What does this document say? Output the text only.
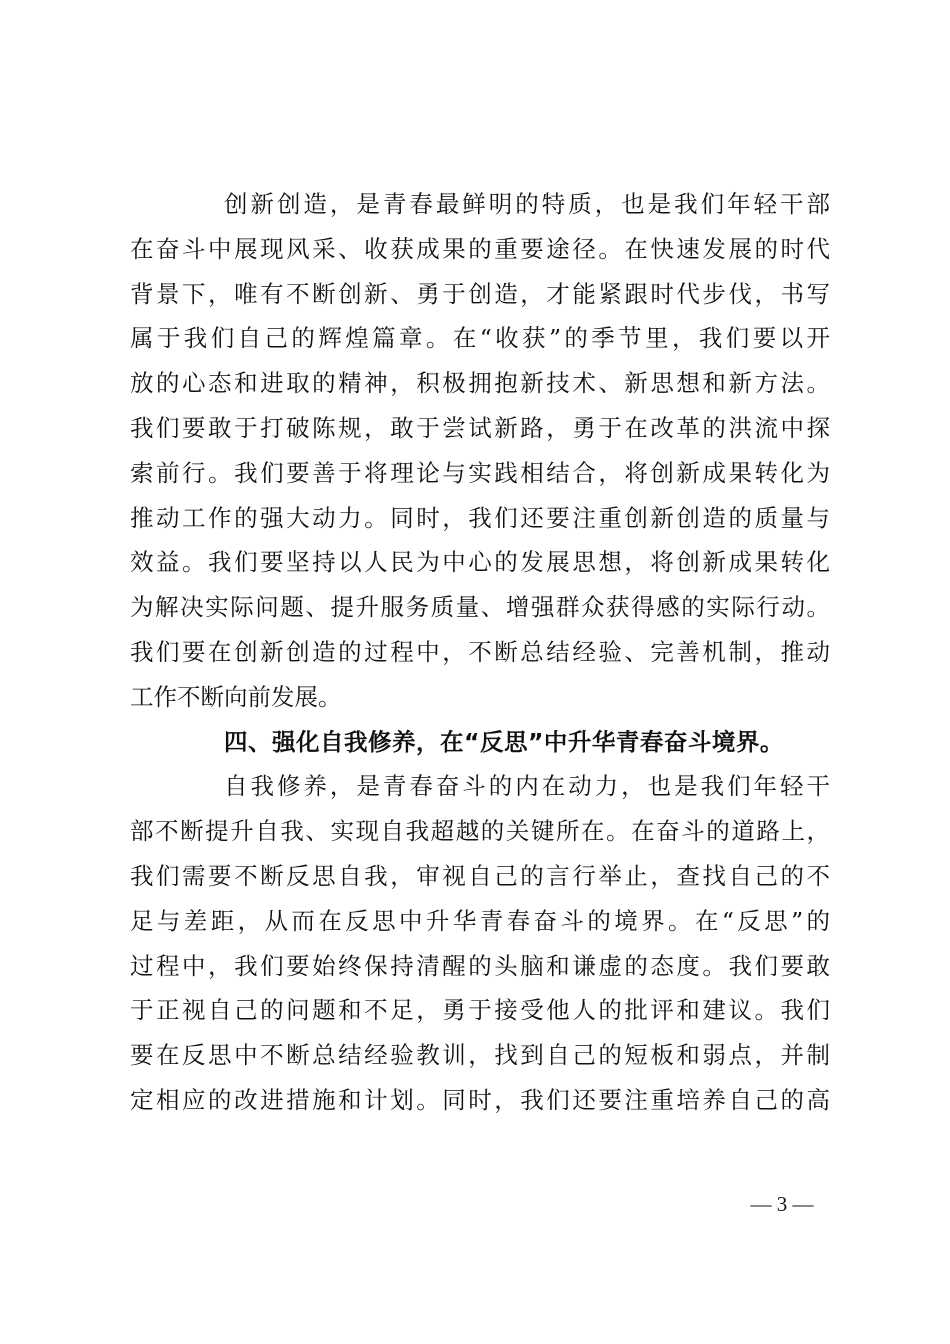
创新创造，是青春最鲜明的特质，也是我们年轻干部
在奋斗中展现风采、收获成果的重要途径。在快速发展的时代
背景下，唯有不断创新、勇于创造，才能紧跟时代步伐，书写
属于我们自己的辉煌篇章。在“收获”的季节里，我们要以开
放的心态和进取的精神，积极拥抱新技术、新思想和新方法。
我们要敢于打破陈规，敢于尝试新路，勇于在改革的洪流中探
索前行。我们要善于将理论与实践相结合，将创新成果转化为
推动工作的强大动力。同时，我们还要注重创新创造的质量与
效益。我们要坚持以人民为中心的发展思想，将创新成果转化
为解决实际问题、提升服务质量、增强群众获得感的实际行动。
我们要在创新创造的过程中，不断总结经验、完善机制，推动
工作不断向前发展。
四、强化自我修养，在“反思”中升华青春奋斗境界。
自我修养，是青春奋斗的内在动力，也是我们年轻干
部不断提升自我、实现自我超越的关键所在。在奋斗的道路上，
我们需要不断反思自我，审视自己的言行举止，查找自己的不
足与差距，从而在反思中升华青春奋斗的境界。在“反思”的
过程中，我们要始终保持清醒的头脑和谦虚的态度。我们要敢
于正视自己的问题和不足，勇于接受他人的批评和建议。我们
要在反思中不断总结经验教训，找到自己的短板和弱点，并制
定相应的改进措施和计划。同时，我们还要注重培养自己的高
— 3 —
